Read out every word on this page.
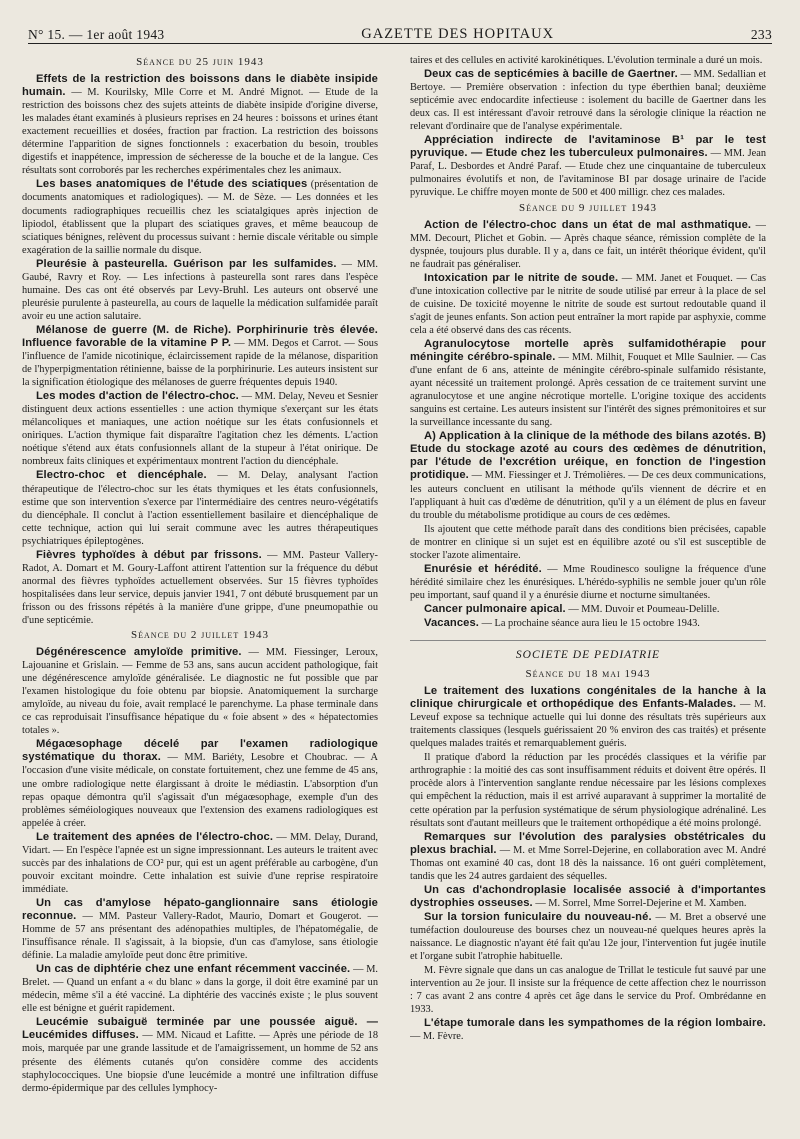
N° 15. — 1er août 1943	GAZETTE DES HOPITAUX	233
Séance du 25 juin 1943

Effets de la restriction des boissons dans le diabète insipide humain. — M. Kourilsky, Mlle Corre et M. André Mignot. — Etude de la restriction des boissons chez des sujets atteints de diabète insipide d'origine diverse, les malades étant examinés à plusieurs reprises en 24 heures : boissons et urines étant exactement recueillies et dosées, fraction par fraction. La restriction des boissons détermine l'apparition de signes fonctionnels : exacerbation du besoin, troubles digestifs et inappétence, impression de sécheresse de la bouche et de la langue. Ces résultats sont corroborés par les recherches expérimentales chez les animaux.

Les bases anatomiques de l'étude des sciatiques (présentation de documents anatomiques et radiologiques). — M. de Sèze. — Les données et les documents radiographiques recueillis chez les sciatalgiques après injection de lipiodol, établissent que la plupart des sciatiques graves, et même beaucoup de sciatiques bénignes, relèvent du processus suivant : hernie discale véritable ou simple exagération de la saillie normale du disque.

Pleurésie à pasteurella. Guérison par les sulfamides. — MM. Gaubé, Ravry et Roy. — Les infections à pasteurella sont rares dans l'espèce humaine. Des cas ont été observés par Levy-Bruhl. Les auteurs ont observé une pleurésie purulente à pasteurella, au cours de laquelle la médication sulfamidée paraît avoir eu une action salutaire.

Mélanose de guerre (M. de Riche). Porphirinurie très élevée. Influence favorable de la vitamine P P. — MM. Degos et Carrot. — Sous l'influence de l'amide nicotinique, éclaircissement rapide de la mélanose, disparition de l'hyperpigmentation rétinienne, baisse de la porphirinurie. Les auteurs insistent sur la signification étiologique des mélanoses de guerre fréquentes depuis 1940.

Les modes d'action de l'électro-choc. — MM. Delay, Neveu et Sesnier distinguent deux actions essentielles : une action thymique s'exerçant sur les états mélancoliques et maniaques, une action noétique sur les états confusionnels et oniriques. L'action thymique fait disparaître l'agitation chez les déments. L'action noétique s'étend aux états confusionnels allant de la stupeur à l'état onirique. De nombreux faits cliniques et expérimentaux montrent l'action du diencéphale.

Electro-choc et diencéphale. — M. Delay, analysant l'action thérapeutique de l'électro-choc sur les états thymiques et les états confusionnels, estime que son intervention s'exerce par l'intermédiaire des centres neuro-végétatifs du diencéphale. Il conclut à l'action essentiellement basilaire et diencéphalique de cette technique, action qui lui serait commune avec les autres thérapeutiques psychiatriques épileptogènes.

Fièvres typhoïdes à début par frissons. — MM. Pasteur Vallery-Radot, A. Domart et M. Goury-Laffont attirent l'attention sur la fréquence du début anormal des fièvres typhoïdes actuellement observées. Sur 15 fièvres typhoïdes hospitalisées dans leur service, depuis janvier 1941, 7 ont débuté brusquement par un frisson ou des frissons répétés à la manière d'une grippe, d'une pneumopathie ou d'une septicémie.

Séance du 2 juillet 1943

Dégénérescence amyloïde primitive. — MM. Fiessinger, Leroux, Lajouanine et Grislain. — Femme de 53 ans, sans aucun accident pathologique, fait une dégénérescence amyloïde généralisée. Le diagnostic ne fut possible que par l'examen histologique du foie obtenu par biopsie. Anatomiquement la surcharge amyloïde, au niveau du foie, avait remplacé le parenchyme. La phase terminale dans ce cas reproduisait l'insuffisance hépatique du « foie absent » des « hépatectomies totales ».

Mégaœsophage décelé par l'examen radiologique systématique du thorax. — MM. Bariéty, Lesobre et Choubrac. — A l'occasion d'une visite médicale, on constate fortuitement, chez une femme de 45 ans, une ombre radiologique nette élargissant à droite le médiastin. L'absorption d'un repas opaque démontra qu'il s'agissait d'un mégaœsophage, exemple d'un des problèmes séméiologiques nouveaux que l'extension des examens radiologiques est appelée à créer.

Le traitement des apnées de l'électro-choc. — MM. Delay, Durand, Vidart. — En l'espèce l'apnée est un signe impressionnant. Les auteurs le traitent avec succès par des inhalations de CO² pur, qui est un agent préférable au carbogène, d'un pouvoir excitant moindre. Cette inhalation est suivie d'une reprise respiratoire immédiate.

Un cas d'amylose hépato-ganglionnaire sans étiologie reconnue. — MM. Pasteur Vallery-Radot, Maurio, Domart et Gougerot. — Homme de 57 ans présentant des adénopathies multiples, de l'hépatomégalie, de l'insuffisance rénale. Il s'agissait, à la biopsie, d'un cas d'amylose, sans étiologie définie. La maladie amyloïde peut donc être primitive.

Un cas de diphtérie chez une enfant récemment vaccinée. — M. Brelet. — Quand un enfant a « du blanc » dans la gorge, il doit être examiné par un médecin, même s'il a été vacciné. La diphtérie des vaccinés existe ; le plus souvent elle est bénigne et guérit rapidement.

Leucémie subaiguë terminée par une poussée aiguë. — Leucémides diffuses. — MM. Nicaud et Lafitte. — Après une période de 18 mois, marquée par une grande lassitude et de l'amaigrissement, un homme de 52 ans présente des éléments cutanés qu'on considère comme des accidents staphylococciques. Une biopsie d'une leucémide a montré une infiltration diffuse dermo-épidermique par des cellules lymphocy-

taires et des cellules en activité karokinétiques. L'évolution terminale a duré un mois.

Deux cas de septicémies à bacille de Gaertner. — MM. Sedallian et Bertoye. — Première observation : infection du type éberthien banal; deuxième septicémie avec endocardite infectieuse : isolement du bacille de Gaertner dans les deux cas. Il est intéressant d'avoir retrouvé dans la sérologie clinique la réaction ne relevant d'ordinaire que de l'analyse expérimentale.

Appréciation indirecte de l'avitaminose B¹ par le test pyruvique. — Etude chez les tuberculeux pulmonaires. — MM. Jean Paraf, L. Desbordes et André Paraf. — Etude chez une cinquantaine de tuberculeux pulmonaires évolutifs et non, de l'avitaminose BI par dosage urinaire de l'acide pyruvique. Le chiffre moyen monte de 500 et 400 milligr. chez ces malades.

Séance du 9 juillet 1943

Action de l'électro-choc dans un état de mal asthmatique. — MM. Decourt, Plichet et Gobin. — Après chaque séance, rémission complète de la dyspnée, toujours plus durable. Il y a, dans ce fait, un intérêt théorique évident, qu'il ne faudrait pas généraliser.

Intoxication par le nitrite de soude. — MM. Janet et Fouquet. — Cas d'une intoxication collective par le nitrite de soude utilisé par erreur à la place de sel de cuisine. De toxicité moyenne le nitrite de soude est surtout redoutable quand il s'agit de jeunes enfants. Son action peut entraîner la mort rapide par asphyxie, comme cela a été observé dans des cas récents.

Agranulocytose mortelle après sulfamidothérapie pour méningite cérébro-spinale. — MM. Milhit, Fouquet et Mlle Saulnier. — Cas d'une enfant de 6 ans, atteinte de méningite cérébro-spinale sulfamido résistante, ayant nécessité un traitement prolongé. Après cessation de ce traitement survint une agranulocytose et une angine nécrotique mortelle. L'origine toxique des accidents sanguins est certaine. Les auteurs insistent sur l'intérêt des signes prémonitoires et sur la surveillance incessante du sang.

A) Application à la clinique de la méthode des bilans azotés. B) Etude du stockage azoté au cours des œdèmes de dénutrition, par l'étude de l'excrétion uréique, en fonction de l'ingestion protidique. — MM. Fiessinger et J. Trémolières. — De ces deux communications, les auteurs concluent en utilisant la méthode qu'ils viennent de décrire et en l'appliquant à huit cas d'œdème de dénutrition, qu'il y a un élément de plus en faveur du trouble du métabolisme protidique au cours de ces œdèmes.

Ils ajoutent que cette méthode paraît dans des conditions bien précisées, capable de montrer en clinique si un sujet est en équilibre azoté ou s'il est susceptible de stocker l'azote alimentaire.

Enurésie et hérédité. — Mme Roudinesco souligne la fréquence d'une hérédité similaire chez les énurésiques. L'hérédo-syphilis ne semble jouer qu'un rôle peu important, sauf quand il y a énurésie diurne et nocturne simultanées.

Cancer pulmonaire apical. — MM. Duvoir et Poumeau-Delille.

Vacances. — La prochaine séance aura lieu le 15 octobre 1943.

SOCIETE DE PEDIATRIE
Séance du 18 mai 1943

Le traitement des luxations congénitales de la hanche à la clinique chirurgicale et orthopédique des Enfants-Malades. — M. Leveuf expose sa technique actuelle qui lui donne des résultats très supérieurs aux traitements classiques (lesquels guérissaient 20 % environ des cas traités) et présente quelques malades traités et remarquablement guéris.

Il pratique d'abord la réduction par les procédés classiques et la vérifie par arthrographie : la moitié des cas sont insuffisamment réduits et doivent être opérés. Il procède alors à l'intervention sanglante rendue nécessaire par les lésions complexes qui empêchent la réduction, mais il est arrivé auparavant à supprimer la mortalité de cette opération par la perfusion systématique de sérum physiologique adrénaliné. Les résultats sont d'autant meilleurs que le traitement orthopédique a été moins prolongé.

Remarques sur l'évolution des paralysies obstétricales du plexus brachial. — M. et Mme Sorrel-Dejerine, en collaboration avec M. André Thomas ont examiné 40 cas, dont 18 dès la naissance. 16 ont guéri complètement, tandis que les 24 autres gardaient des séquelles.

Un cas d'achondroplasie localisée associé à d'importantes dystrophies osseuses. — M. Sorrel, Mme Sorrel-Dejerine et M. Xamben.

Sur la torsion funiculaire du nouveau-né. — M. Bret a observé une tuméfaction douloureuse des bourses chez un nouveau-né quelques heures après la naissance. Le diagnostic n'ayant été fait qu'au 12e jour, l'intervention fut jugée inutile et l'organe subit l'atrophie habituelle.

M. Fèvre signale que dans un cas analogue de Trillat le testicule fut sauvé par une intervention au 2e jour. Il insiste sur la fréquence de cette affection chez le nourrisson : 7 cas avant 2 ans contre 4 après cet âge dans le service du Prof. Ombrédanne en 1933.

L'étape tumorale dans les sympathomes de la région lombaire. — M. Fèvre.
